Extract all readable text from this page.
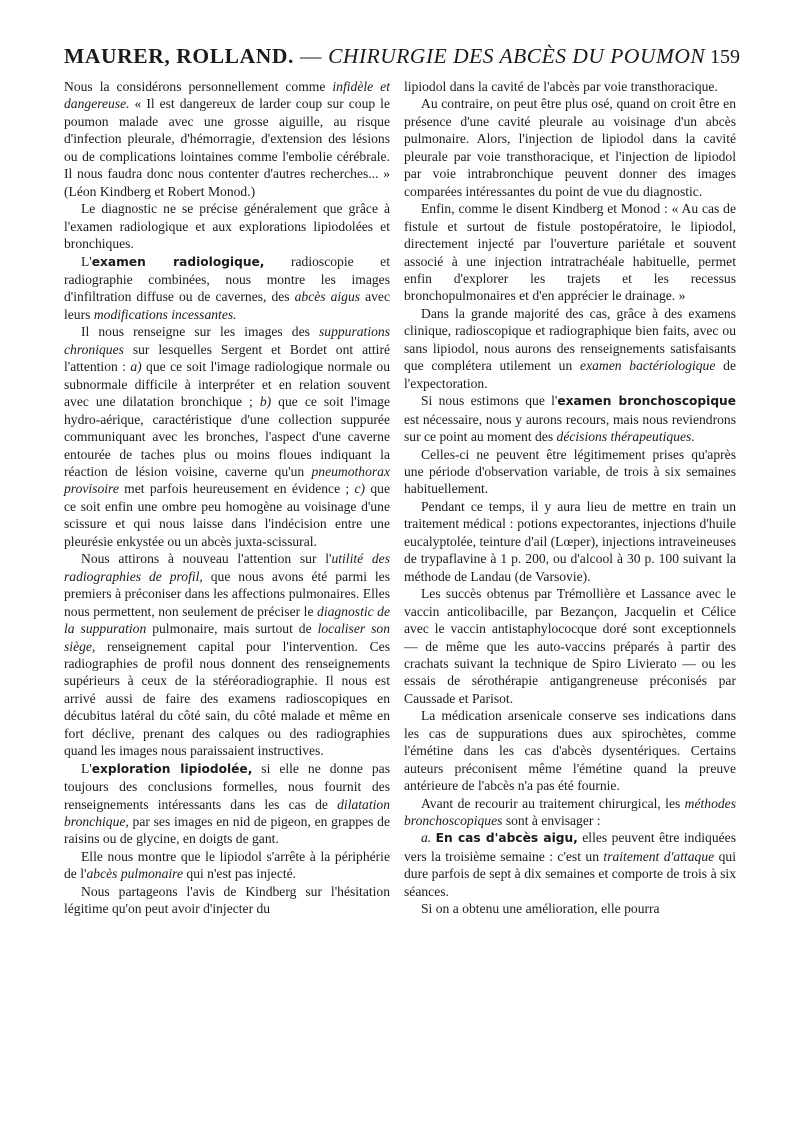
MAURER, ROLLAND. — CHIRURGIE DES ABCÈS DU POUMON 159

Nous la considérons personnellement comme infidèle et dangereuse. « Il est dangereux de larder coup sur coup le poumon malade avec une grosse aiguille, au risque d'infection pleurale, d'hémorragie, d'extension des lésions ou de complications lointaines comme l'embolie cérébrale. Il nous faudra donc nous contenter d'autres recherches... » (Léon Kindberg et Robert Monod.)

Le diagnostic ne se précise généralement que grâce à l'examen radiologique et aux explorations lipiodolées et bronchiques.

L'examen radiologique, radioscopie et radiographie combinées, nous montre les images d'infiltration diffuse ou de cavernes, des abcès aigus avec leurs modifications incessantes.

Il nous renseigne sur les images des suppurations chroniques sur lesquelles Sergent et Bordet ont attiré l'attention : a) que ce soit l'image radiologique normale ou subnormale difficile à interpréter et en relation souvent avec une dilatation bronchique ; b) que ce soit l'image hydro-aérique, caractéristique d'une collection suppurée communiquant avec les bronches, l'aspect d'une caverne entourée de taches plus ou moins floues indiquant la réaction de lésion voisine, caverne qu'un pneumothorax provisoire met parfois heureusement en évidence ; c) que ce soit enfin une ombre peu homogène au voisinage d'une scissure et qui nous laisse dans l'indécision entre une pleurésie enkystée ou un abcès juxta-scissural.

Nous attirons à nouveau l'attention sur l'utilité des radiographies de profil, que nous avons été parmi les premiers à préconiser dans les affections pulmonaires. Elles nous permettent, non seulement de préciser le diagnostic de la suppuration pulmonaire, mais surtout de localiser son siège, renseignement capital pour l'intervention. Ces radiographies de profil nous donnent des renseignements supérieurs à ceux de la stéréoradiographie. Il nous est arrivé aussi de faire des examens radioscopiques en décubitus latéral du côté sain, du côté malade et même en fort déclive, prenant des calques ou des radiographies quand les images nous paraissaient instructives.

L'exploration lipiodolée, si elle ne donne pas toujours des conclusions formelles, nous fournit des renseignements intéressants dans les cas de dilatation bronchique, par ses images en nid de pigeon, en grappes de raisins ou de glycine, en doigts de gant.

Elle nous montre que le lipiodol s'arrête à la périphérie de l'abcès pulmonaire qui n'est pas injecté.

Nous partageons l'avis de Kindberg sur l'hésitation légitime qu'on peut avoir d'injecter du

lipiodol dans la cavité de l'abcès par voie transthoracique.

Au contraire, on peut être plus osé, quand on croit être en présence d'une cavité pleurale au voisinage d'un abcès pulmonaire. Alors, l'injection de lipiodol dans la cavité pleurale par voie transthoracique, et l'injection de lipiodol par voie intrabronchique peuvent donner des images comparées intéressantes du point de vue du diagnostic.

Enfin, comme le disent Kindberg et Monod : « Au cas de fistule et surtout de fistule postopératoire, le lipiodol, directement injecté par l'ouverture pariétale et souvent associé à une injection intratrachéale habituelle, permet enfin d'explorer les trajets et les recessus bronchopulmonaires et d'en apprécier le drainage. »

Dans la grande majorité des cas, grâce à des examens clinique, radioscopique et radiographique bien faits, avec ou sans lipiodol, nous aurons des renseignements satisfaisants que complétera utilement un examen bactériologique de l'expectoration.

Si nous estimons que l'examen bronchoscopique est nécessaire, nous y aurons recours, mais nous reviendrons sur ce point au moment des décisions thérapeutiques.

Celles-ci ne peuvent être légitimement prises qu'après une période d'observation variable, de trois à six semaines habituellement.

Pendant ce temps, il y aura lieu de mettre en train un traitement médical : potions expectorantes, injections d'huile eucalyptolée, teinture d'ail (Lœper), injections intraveineuses de trypaflavine à 1 p. 200, ou d'alcool à 30 p. 100 suivant la méthode de Landau (de Varsovie).

Les succès obtenus par Trémollière et Lassance avec le vaccin anticolibacille, par Bezançon, Jacquelin et Célice avec le vaccin antistaphylococque doré sont exceptionnels — de même que les auto-vaccins préparés à partir des crachats suivant la technique de Spiro Livierato — ou les essais de sérothérapie antigangreneuse préconisés par Caussade et Parisot.

La médication arsenicale conserve ses indications dans les cas de suppurations dues aux spirochètes, comme l'émétine dans les cas d'abcès dysentériques. Certains auteurs préconisent même l'émétine quand la preuve antérieure de l'abcès n'a pas été fournie.

Avant de recourir au traitement chirurgical, les méthodes bronchoscopiques sont à envisager :

a. En cas d'abcès aigu, elles peuvent être indiquées vers la troisième semaine : c'est un traitement d'attaque qui dure parfois de sept à dix semaines et comporte de trois à six séances.

Si on a obtenu une amélioration, elle pourra
